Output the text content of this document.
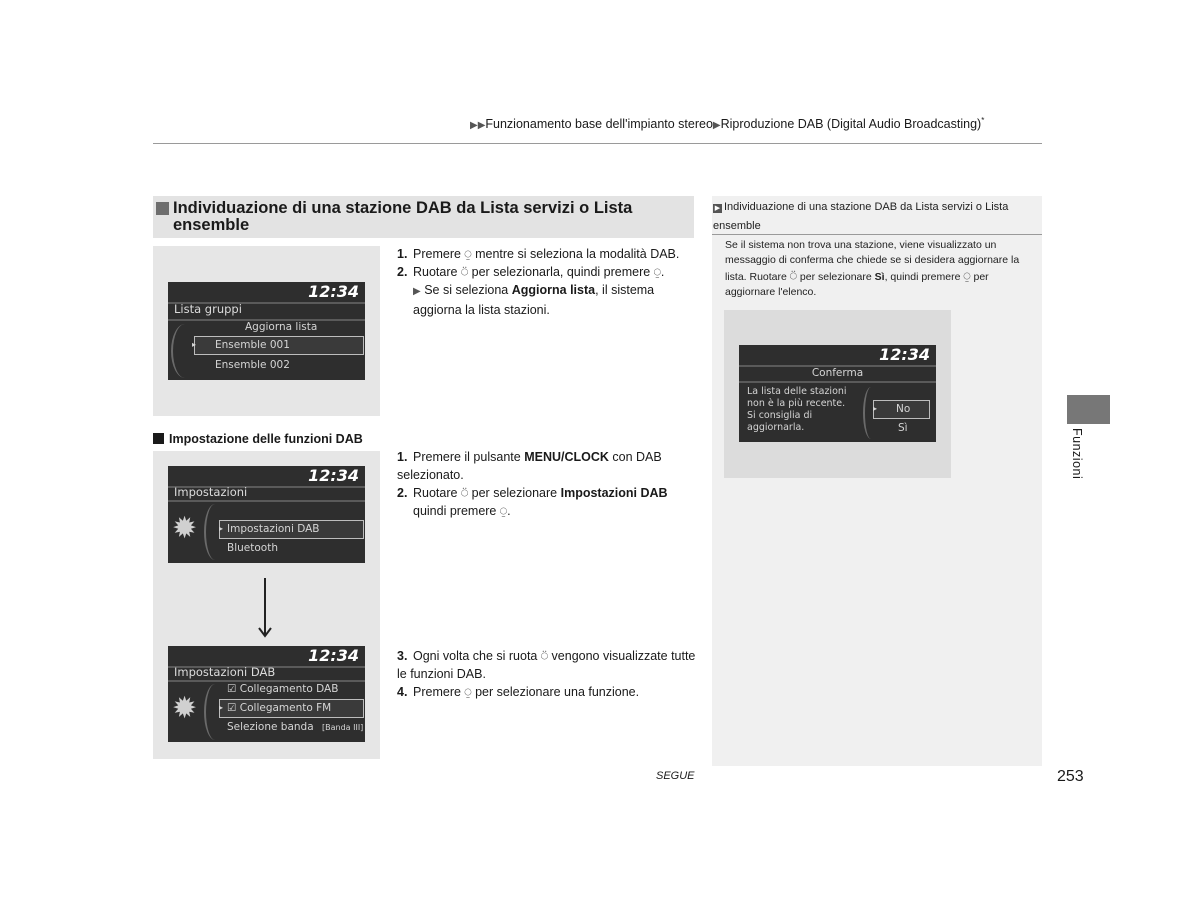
▶▶Funzionamento base dell'impianto stereo▶Riproduzione DAB (Digital Audio Broadcasting)*
Individuazione di una stazione DAB da Lista servizi o Lista ensemble
12:34
Lista gruppi
Aggiorna lista
▸ Ensemble 001
Ensemble 002
1. Premere ⍜ mentre si seleziona la modalità DAB.
2. Ruotare ⍥ per selezionarla, quindi premere ⍜.
▶ Se si seleziona Aggiorna lista, il sistema aggiorna la lista stazioni.
Impostazione delle funzioni DAB
12:34
Impostazioni
✹	▸ Impostazioni DAB
Bluetooth
12:34
Impostazioni DAB
✹
☑ Collegamento DAB
▸ ☑ Collegamento FM
Selezione banda [Banda III]
1. Premere il pulsante MENU/CLOCK con DAB selezionato.
2. Ruotare ⍥ per selezionare Impostazioni DAB
quindi premere ⍜.
3. Ogni volta che si ruota ⍥ vengono visualizzate tutte le funzioni DAB.
4. Premere ⍜ per selezionare una funzione.
▶ Individuazione di una stazione DAB da Lista servizi o Lista ensemble
Se il sistema non trova una stazione, viene visualizzato un messaggio di conferma che chiede se si desidera aggiornare la lista. Ruotare ⍥ per selezionare Sì, quindi premere ⍜ per aggiornare l'elenco.
12:34
Conferma
La lista delle stazioni
non è la più recente.
Si consiglia di
aggiornarla.
▸ No
Sì	Funzioni
SEGUE	253
